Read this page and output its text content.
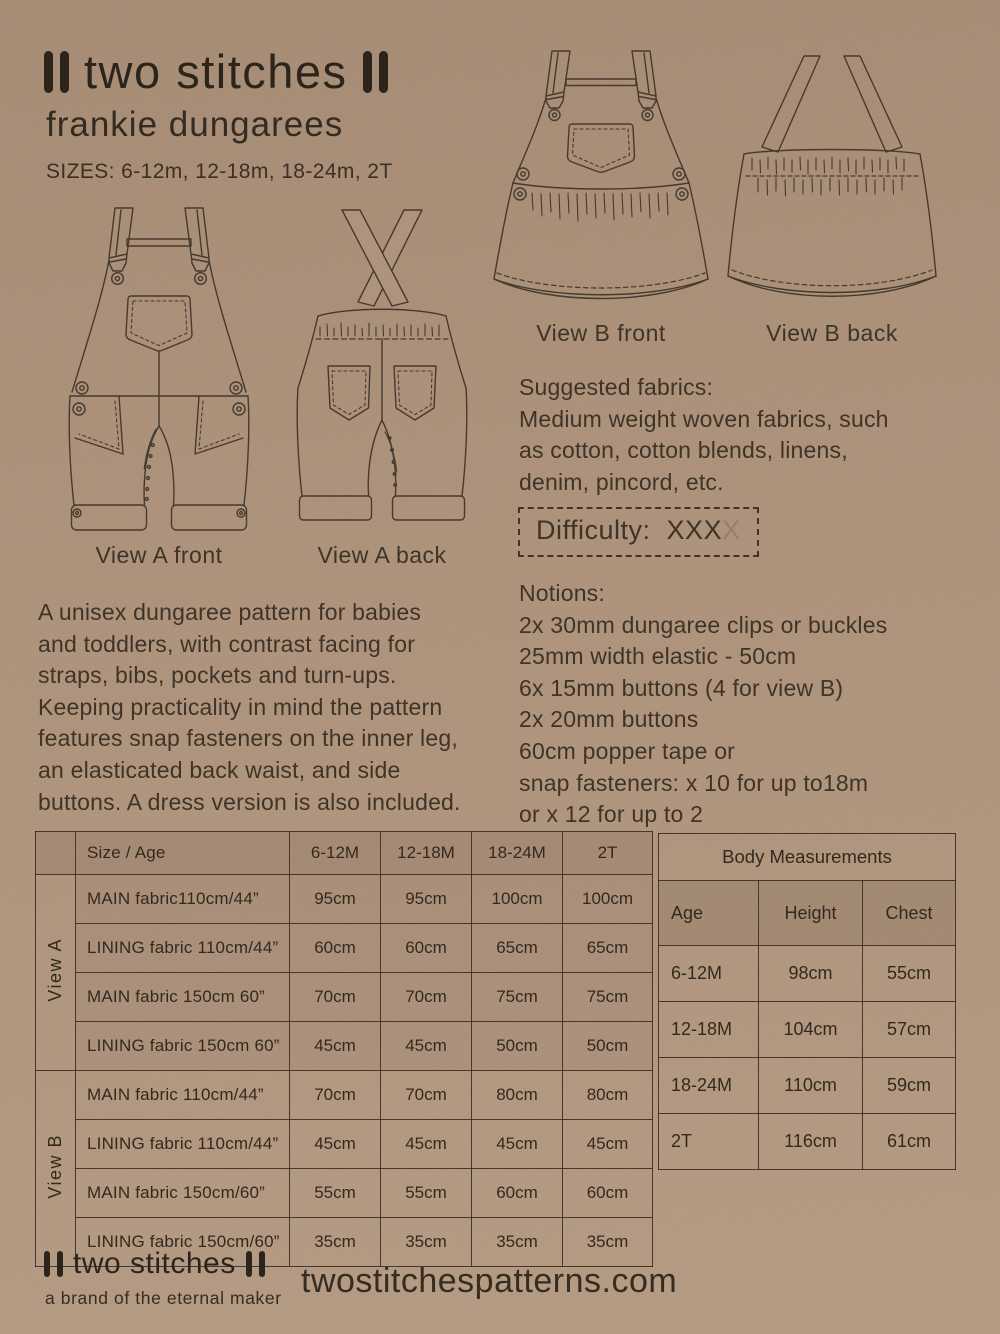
two stitches
frankie dungarees
SIZES: 6-12m, 12-18m, 18-24m, 2T
View A front	View A back
View B front	View B back
Suggested fabrics:
Medium weight woven fabrics, such
as cotton, cotton blends, linens,
denim, pincord, etc.
Difficulty: XXXX
Notions:
2x 30mm dungaree clips or buckles
25mm width elastic - 50cm
6x 15mm buttons (4 for view B)
2x 20mm buttons
60cm popper tape or
snap fasteners: x 10 for up to18m
or x 12 for up to 2
A unisex dungaree pattern for babies
and toddlers, with contrast facing for
straps, bibs, pockets and turn-ups.
Keeping practicality in mind the pattern
features snap fasteners on the inner leg,
an elasticated back waist, and side
buttons. A dress version is also included.
	Size / Age	6-12M	12-18M	18-24M	2T
View A	MAIN fabric110cm/44”	95cm	95cm	100cm	100cm
	LINING fabric 110cm/44”	60cm	60cm	65cm	65cm
	MAIN fabric 150cm 60”	70cm	70cm	75cm	75cm
	LINING fabric 150cm 60”	45cm	45cm	50cm	50cm
View B	MAIN fabric 110cm/44”	70cm	70cm	80cm	80cm
	LINING fabric 110cm/44”	45cm	45cm	45cm	45cm
	MAIN fabric 150cm/60”	55cm	55cm	60cm	60cm
	LINING fabric 150cm/60”	35cm	35cm	35cm	35cm
Body Measurements		
Age	Height	Chest
6-12M	98cm	55cm
12-18M	104cm	57cm
18-24M	110cm	59cm
2T	116cm	61cm
two stitches
a brand of the eternal maker twostitchespatterns.com
